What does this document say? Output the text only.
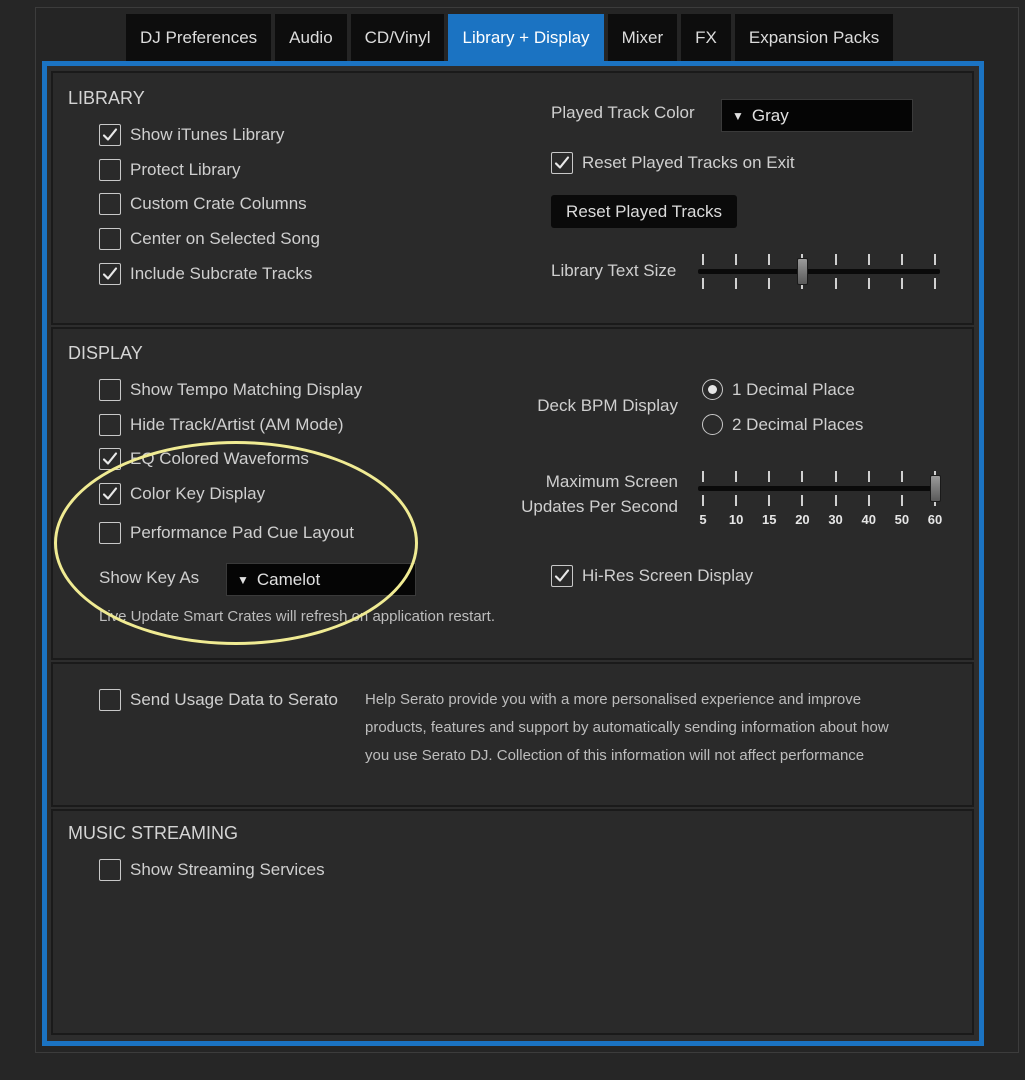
DJ Preferences	Audio	CD/Vinyl	Library + Display	Mixer	FX	Expansion Packs
LIBRARY
Show iTunes Library
Protect Library
Custom Crate Columns
Center on Selected Song
Include Subcrate Tracks
Played Track Color	▼ Gray
Reset Played Tracks on Exit
Reset Played Tracks
Library Text Size
DISPLAY
Show Tempo Matching Display
Hide Track/Artist (AM Mode)
EQ Colored Waveforms
Color Key Display
Performance Pad Cue Layout
Show Key As	▼ Camelot
Live Update Smart Crates will refresh on application restart.
Deck BPM Display
1 Decimal Place
2 Decimal Places
Maximum Screen
Updates Per Second
5	10	15	20	30	40	50	60
Hi-Res Screen Display
Send Usage Data to Serato Help Serato provide you with a more personalised experience and improve
products, features and support by automatically sending information about how
you use Serato DJ. Collection of this information will not affect performance
MUSIC STREAMING
Show Streaming Services
